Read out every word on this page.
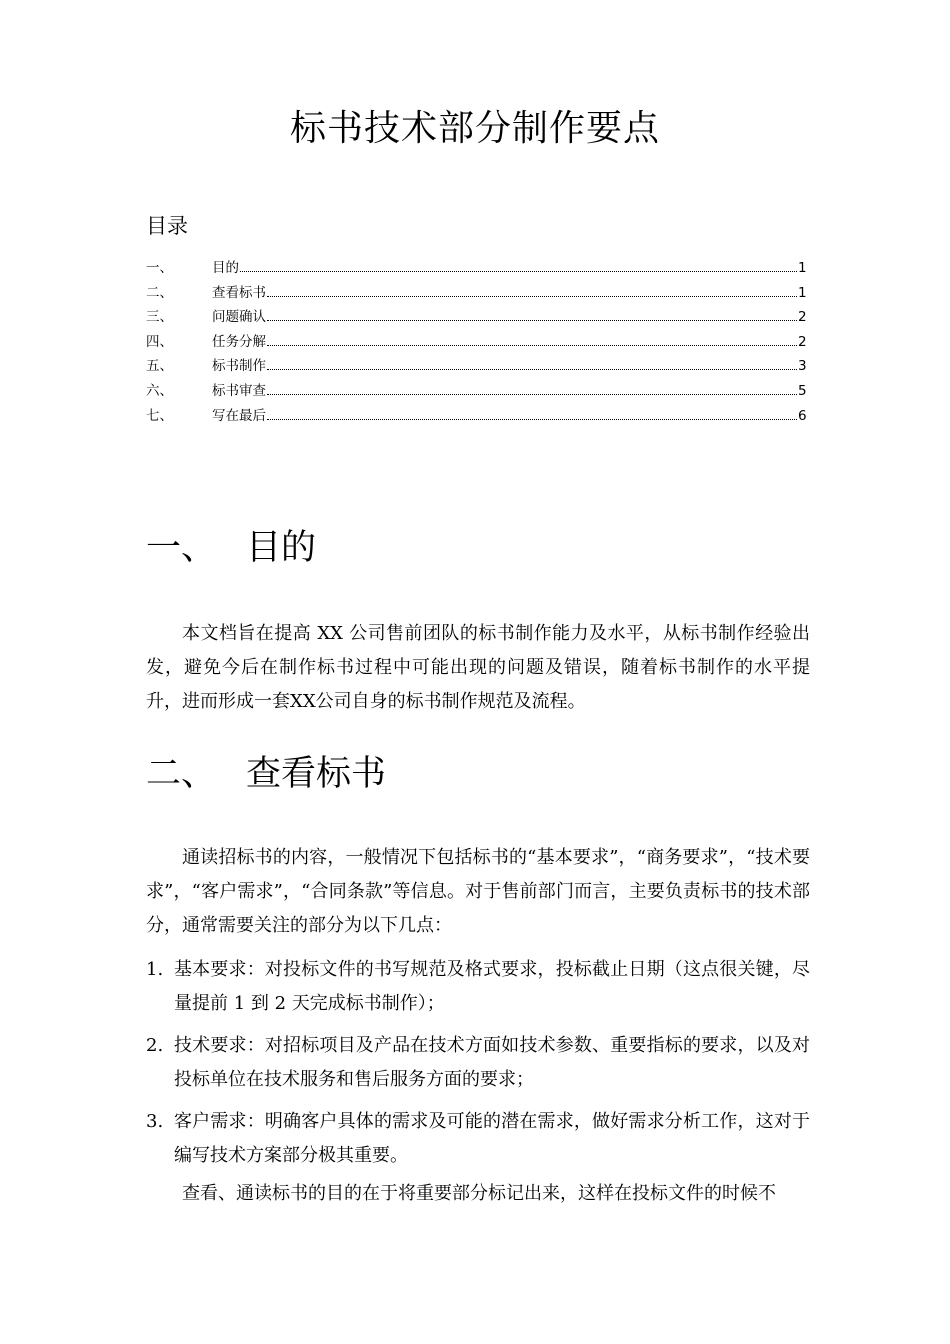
标书技术部分制作要点
目录
一、	目的	1
二、	查看标书	1
三、	问题确认	2
四、	任务分解	2
五、	标书制作	3
六、	标书审查	5
七、	写在最后	6
一、 目的

本文档旨在提高 XX 公司售前团队的标书制作能力及水平，从标书制作经验出发，避免今后在制作标书过程中可能出现的问题及错误，随着标书制作的水平提升，进而形成一套XX公司自身的标书制作规范及流程。

二、 查看标书

通读招标书的内容，一般情况下包括标书的“基本要求”，“商务要求”，“技术要求”，“客户需求”，“合同条款”等信息。对于售前部门而言，主要负责标书的技术部分，通常需要关注的部分为以下几点：

1. 基本要求：对投标文件的书写规范及格式要求，投标截止日期（这点很关键，尽量提前 1 到 2 天完成标书制作）；
2. 技术要求：对招标项目及产品在技术方面如技术参数、重要指标的要求，以及对投标单位在技术服务和售后服务方面的要求；
3. 客户需求：明确客户具体的需求及可能的潜在需求，做好需求分析工作，这对于编写技术方案部分极其重要。

查看、通读标书的目的在于将重要部分标记出来，这样在投标文件的时候不
